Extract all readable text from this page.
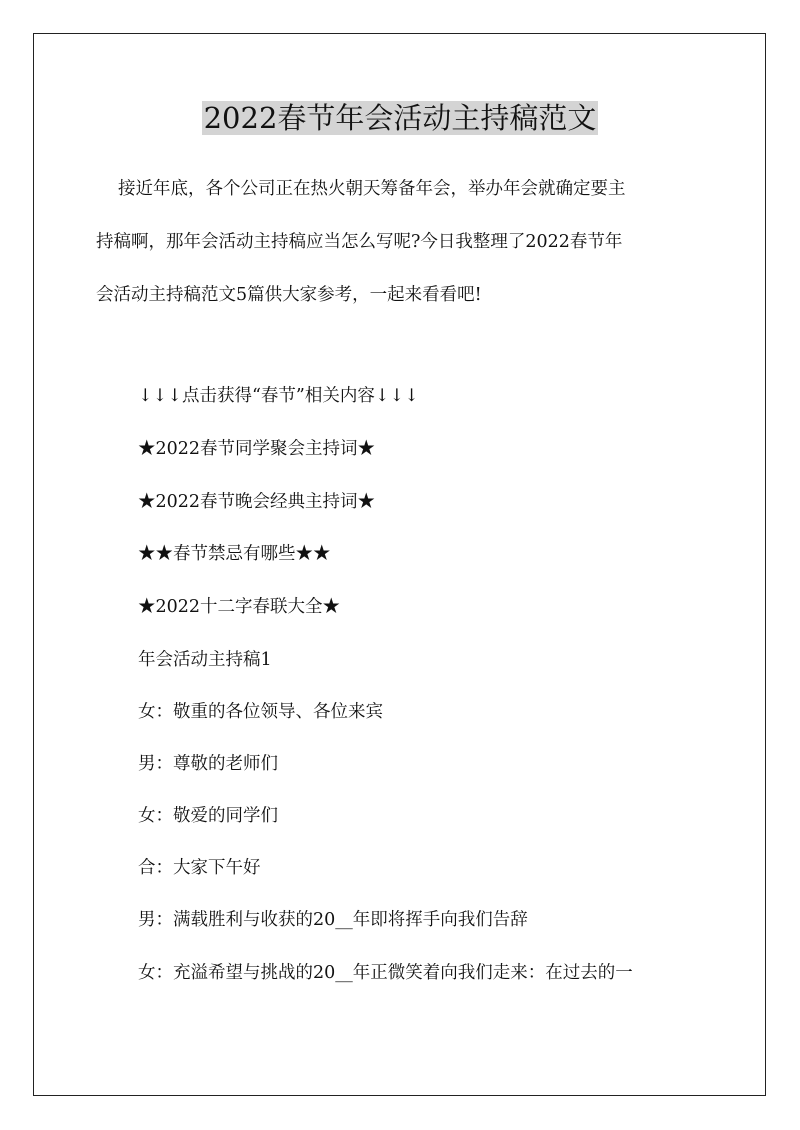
2022春节年会活动主持稿范文
接近年底，各个公司正在热火朝天筹备年会，举办年会就确定要主
持稿啊，那年会活动主持稿应当怎么写呢?今日我整理了2022春节年
会活动主持稿范文5篇供大家参考，一起来看看吧!
↓↓↓点击获得“春节”相关内容↓↓↓
★2022春节同学聚会主持词★
★2022春节晚会经典主持词★
★★春节禁忌有哪些★★
★2022十二字春联大全★
年会活动主持稿1
女：敬重的各位领导、各位来宾
男：尊敬的老师们
女：敬爱的同学们
合：大家下午好
男：满载胜利与收获的20__年即将挥手向我们告辞
女：充溢希望与挑战的20__年正微笑着向我们走来：在过去的一
